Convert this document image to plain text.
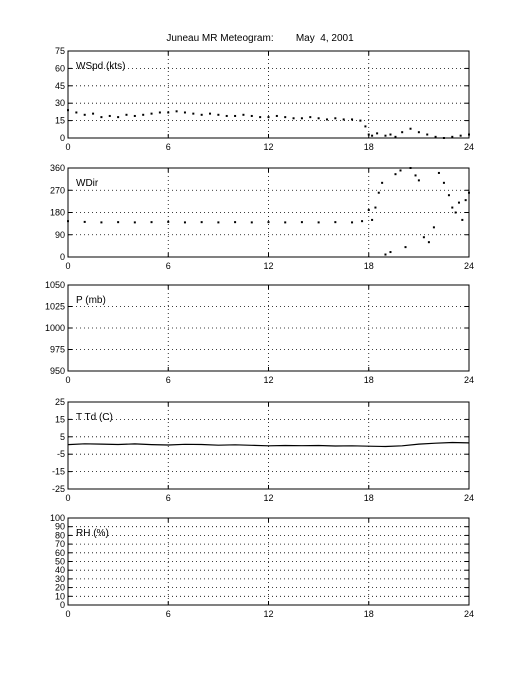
Juneau MR Meteogram: May  4, 2001
0	6	12	18	24
0
15
30
45
60
75
WSpd (kts)
0	6	12	18	24
0
90
180
270
360
WDir
0	6	12	18	24
950
975
1000
1025
1050
P (mb)
0	6	12	18	24
-25
-15
-5
5
15
25
T Td (C)
0	6	12	18	24
0
10
20
30
40
50
60
70
80
90
100
RH (%)
